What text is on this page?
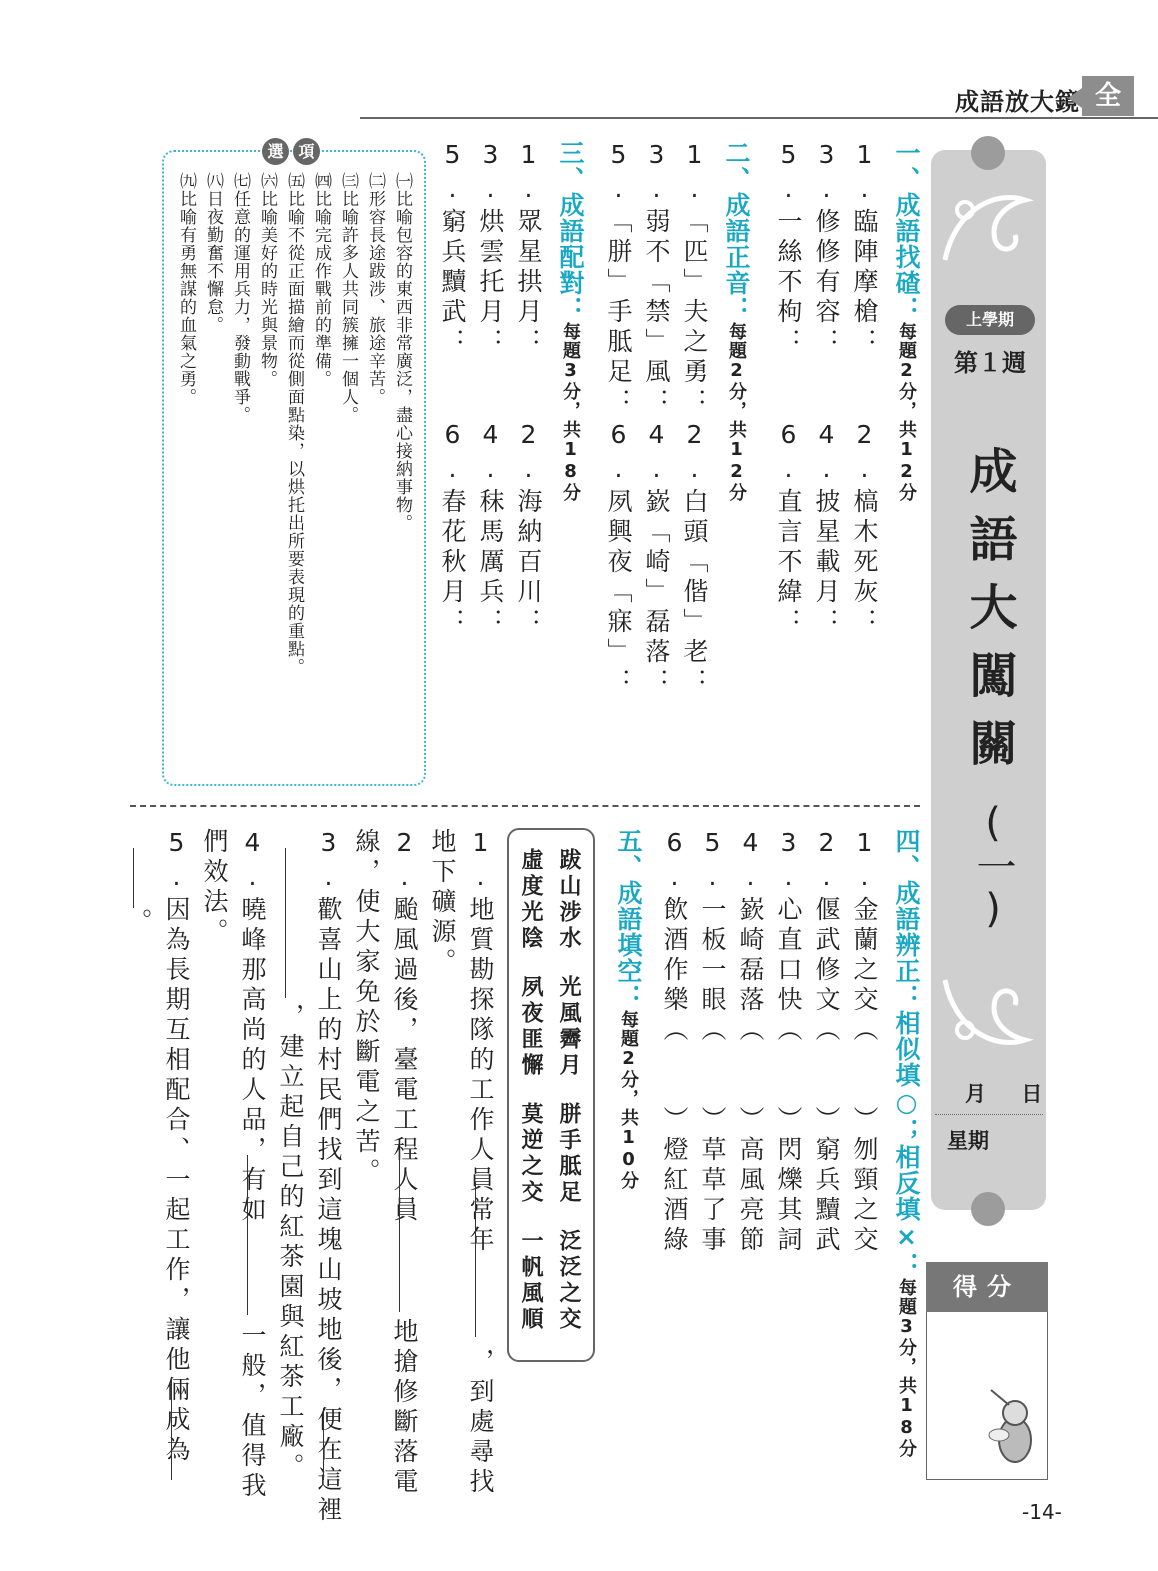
成語放大鏡 全
上學期
第１週
成語大闖關
(一)
月 日
星期
得分
-14-
一、成語找碴：每題2分，共12分
1.臨陣摩槍：
2.槁木死灰：
3.修修有容：
4.披星載月：
5.一絲不枸：
6.直言不緯：
二、成語正音：每題2分，共12分
1.「匹」夫之勇：
2.白頭「偕」老：
3.弱不「禁」風：
4.嶔「崎」磊落：
5.「胼」手胝足：
6.夙興夜「寐」：
三、成語配對：每題3分，共18分
1.眾星拱月：
2.海納百川：
3.烘雲托月：
4.秣馬厲兵：
5.窮兵黷武：
6.春花秋月：
選 項
㈠比喻包容的東西非常廣泛，盡心接納事物。
㈡形容長途跋涉、旅途辛苦。
㈢比喻許多人共同簇擁一個人。
㈣比喻完成作戰前的準備。
㈤比喻不從正面描繪而從側面點染，以烘托出所要表現的重點。
㈥比喻美好的時光與景物。
㈦任意的運用兵力，發動戰爭。
㈧日夜勤奮不懈怠。
㈨比喻有勇無謀的血氣之勇。
四、成語辨正：相似填○；相反填×：每題3分，共18分
1.金蘭之交（　　）刎頸之交
2.偃武修文（　　）窮兵黷武
3.心直口快（　　）閃爍其詞
4.嶔崎磊落（　　）高風亮節
5.一板一眼（　　）草草了事
6.飲酒作樂（　　）燈紅酒綠
五、成語填空：每題2分，共10分
跋山涉水
光風霽月
胼手胝足
泛泛之交
虛度光陰
夙夜匪懈
莫逆之交
一帆風順
1.地質勘探隊的工作人員常年
，到處尋找
地下礦源。
2.颱風過後，臺電工程人員
地搶修斷落電
線，使大家免於斷電之苦。
3.歡喜山上的村民們找到這塊山坡地後，便在這裡
，建立起自己的紅茶園與紅茶工廠。
4.曉峰那高尚的人品，有如
一般，值得我
們效法。
5.因為長期互相配合、一起工作，讓他倆成為
。
